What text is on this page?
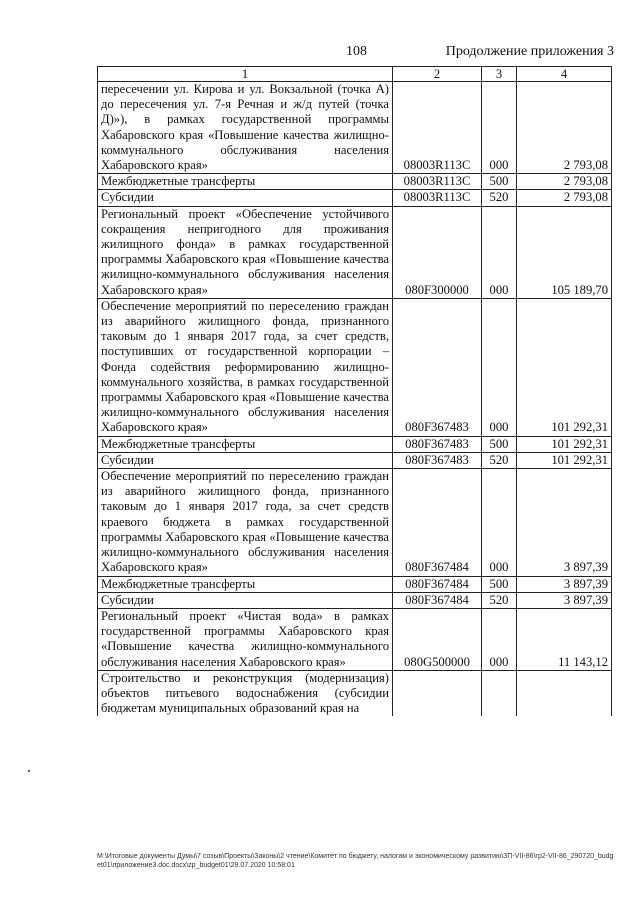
108	Продолжение приложения 3
1	2	3	4
пересечении ул. Кирова и ул. Вокзальной (точка А) до пересечения ул. 7-я Речная и ж/д путей (точка Д)»), в рамках государственной программы Хабаровского края «Повышение качества жилищно-коммунального обслуживания населения Хабаровского края»	08003R113C	000	2 793,08
Межбюджетные трансферты	08003R113C	500	2 793,08
Субсидии	08003R113C	520	2 793,08
Региональный проект «Обеспечение устойчивого сокращения непригодного для проживания жилищного фонда» в рамках государственной программы Хабаровского края «Повышение качества жилищно-коммунального обслуживания населения Хабаровского края»	080F300000	000	105 189,70
Обеспечение мероприятий по переселению граждан из аварийного жилищного фонда, признанного таковым до 1 января 2017 года, за счет средств, поступивших от государственной корпорации – Фонда содействия реформированию жилищно-коммунального хозяйства, в рамках государственной программы Хабаровского края «Повышение качества жилищно-коммунального обслуживания населения Хабаровского края»	080F367483	000	101 292,31
Межбюджетные трансферты	080F367483	500	101 292,31
Субсидии	080F367483	520	101 292,31
Обеспечение мероприятий по переселению граждан из аварийного жилищного фонда, признанного таковым до 1 января 2017 года, за счет средств краевого бюджета в рамках государственной программы Хабаровского края «Повышение качества жилищно-коммунального обслуживания населения Хабаровского края»	080F367484	000	3 897,39
Межбюджетные трансферты	080F367484	500	3 897,39
Субсидии	080F367484	520	3 897,39
Региональный проект «Чистая вода» в рамках государственной программы Хабаровского края «Повышение качества жилищно-коммунального обслуживания населения Хабаровского края»	080G500000	000	11 143,12
Строительство и реконструкция (модернизация) объектов питьевого водоснабжения (субсидии бюджетам муниципальных образований края на			
M:\Итоговые документы Думы\7 созыв\Проекты\Законы\2 чтение\Комитет по бюджету, налогам и экономическому развитию\ЗП-VII-86\гр2-VII-86_290720_budget01\приложение3.doc.docx\zp_budget01\29.07.2020 10:58:01
